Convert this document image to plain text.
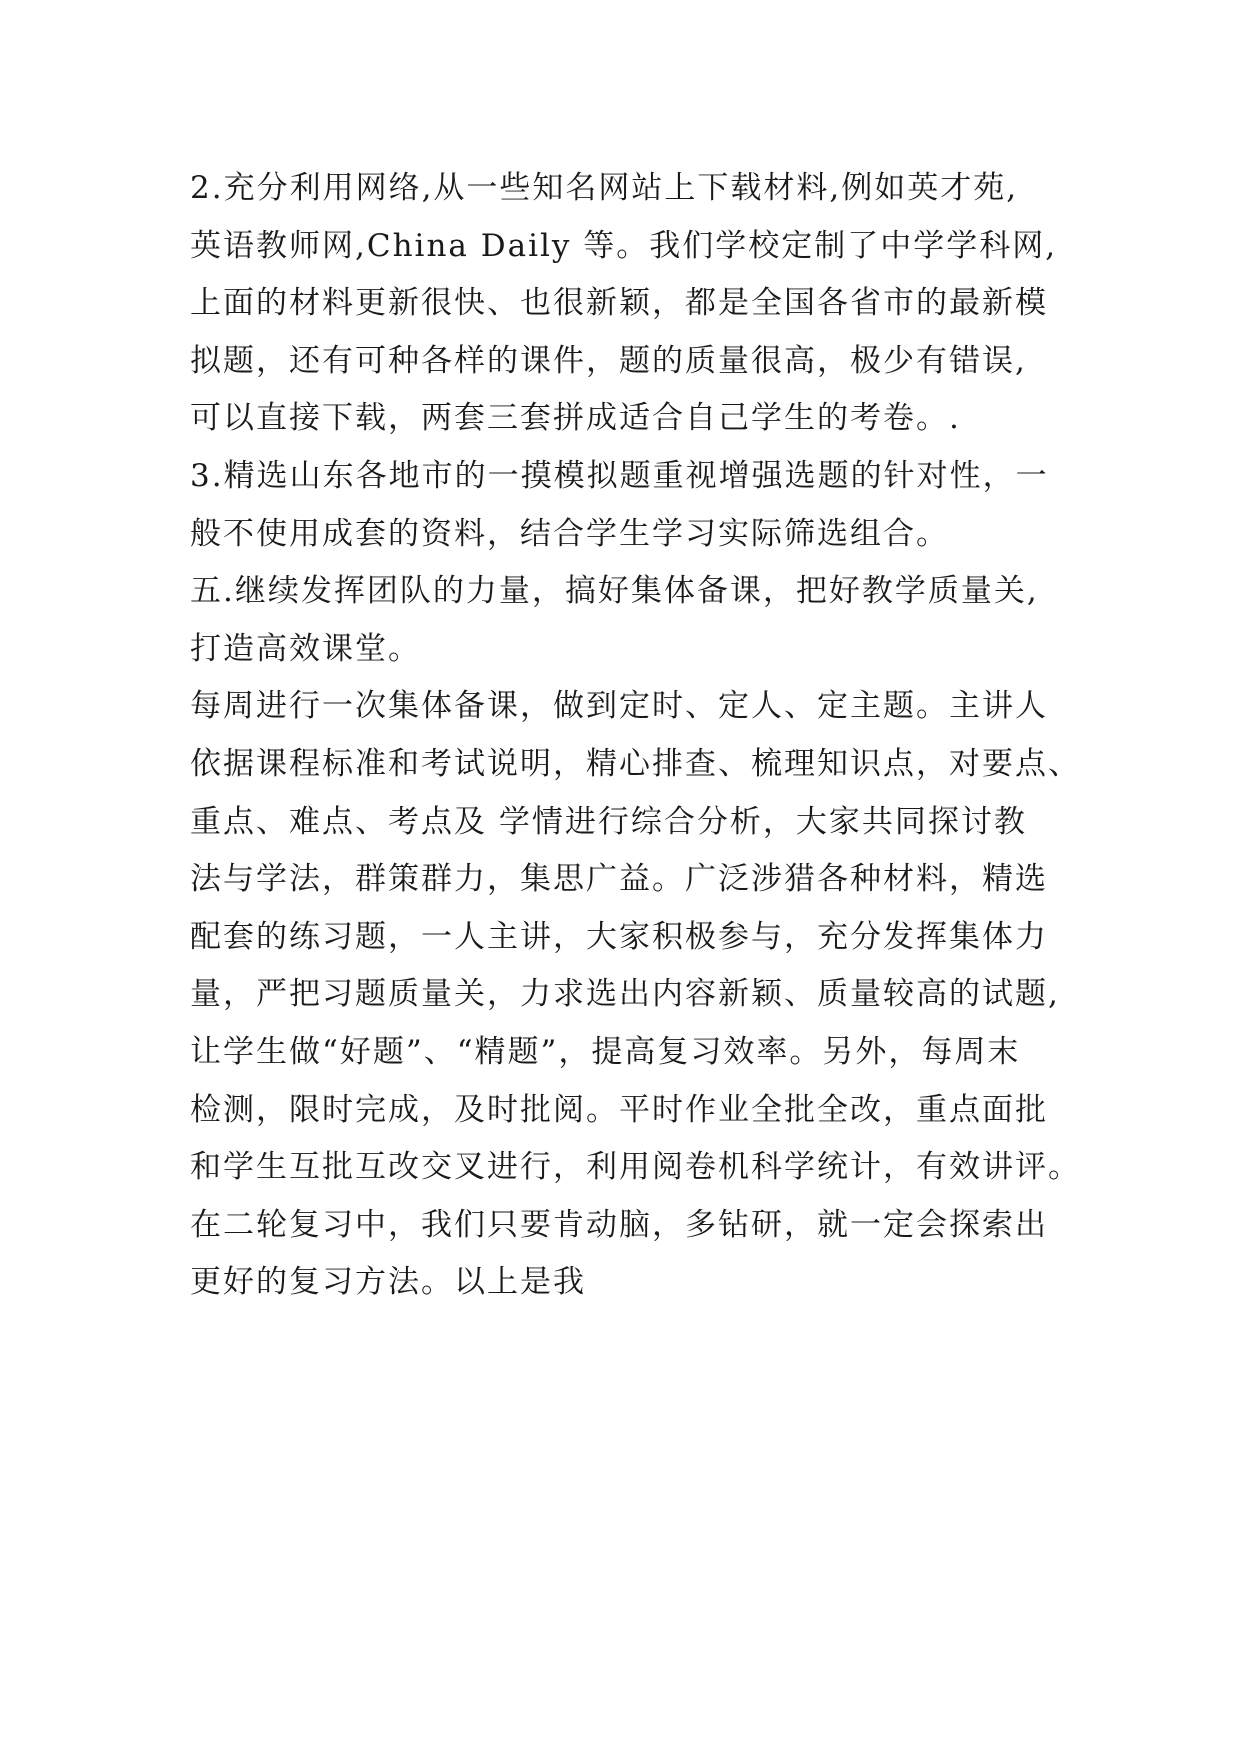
2.充分利用网络,从一些知名网站上下载材料,例如英才苑,
英语教师网,China Daily 等。我们学校定制了中学学科网,
上面的材料更新很快、也很新颖，都是全国各省市的最新模
拟题，还有可种各样的课件，题的质量很高，极少有错误,
可以直接下载，两套三套拼成适合自己学生的考卷。.
3.精选山东各地市的一摸模拟题重视增强选题的针对性，一
般不使用成套的资料，结合学生学习实际筛选组合。
五.继续发挥团队的力量，搞好集体备课，把好教学质量关,
打造高效课堂。
每周进行一次集体备课，做到定时、定人、定主题。主讲人
依据课程标准和考试说明，精心排查、梳理知识点，对要点、
重点、难点、考点及 学情进行综合分析，大家共同探讨教
法与学法，群策群力，集思广益。广泛涉猎各种材料，精选
配套的练习题，一人主讲，大家积极参与，充分发挥集体力
量，严把习题质量关，力求选出内容新颖、质量较高的试题,
让学生做“好题”、“精题”，提高复习效率。另外，每周末
检测，限时完成，及时批阅。平时作业全批全改，重点面批
和学生互批互改交叉进行，利用阅卷机科学统计，有效讲评。
在二轮复习中，我们只要肯动脑，多钻研，就一定会探索出
更好的复习方法。以上是我
